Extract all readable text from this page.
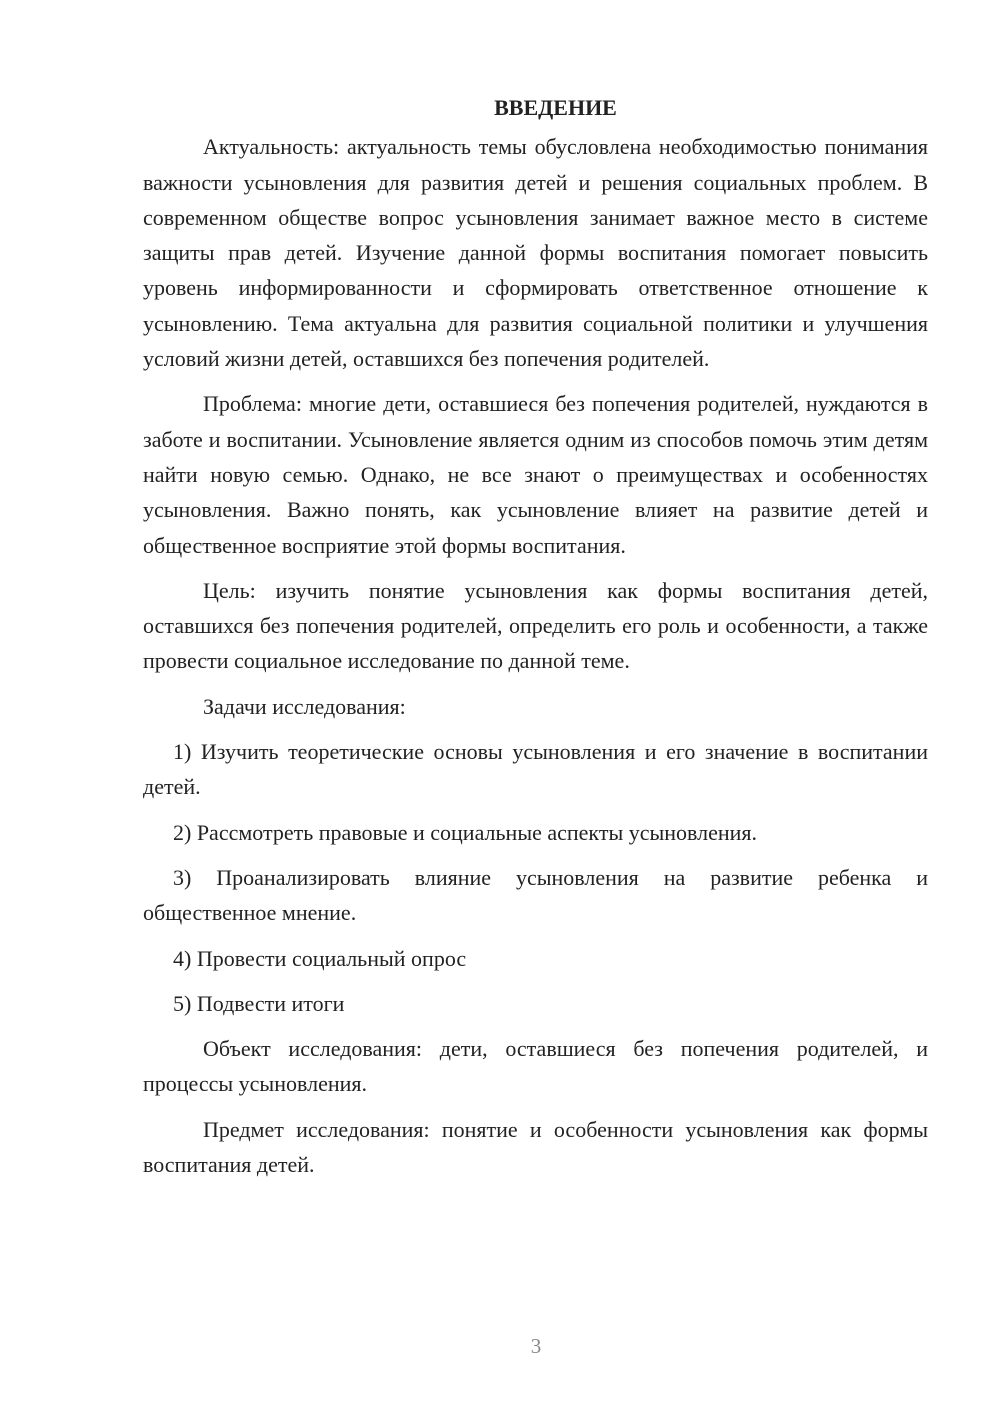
ВВЕДЕНИЕ

Актуальность: актуальность темы обусловлена необходимостью понимания важности усыновления для развития детей и решения социальных проблем. В современном обществе вопрос усыновления занимает важное место в системе защиты прав детей. Изучение данной формы воспитания помогает повысить уровень информированности и сформировать ответственное отношение к усыновлению. Тема актуальна для развития социальной политики и улучшения условий жизни детей, оставшихся без попечения родителей.

Проблема: многие дети, оставшиеся без попечения родителей, нуждаются в заботе и воспитании. Усыновление является одним из способов помочь этим детям найти новую семью. Однако, не все знают о преимуществах и особенностях усыновления. Важно понять, как усыновление влияет на развитие детей и общественное восприятие этой формы воспитания.

Цель: изучить понятие усыновления как формы воспитания детей, оставшихся без попечения родителей, определить его роль и особенности, а также провести социальное исследование по данной теме.

Задачи исследования:

1) Изучить теоретические основы усыновления и его значение в воспитании детей.

2) Рассмотреть правовые и социальные аспекты усыновления.

3) Проанализировать влияние усыновления на развитие ребенка и общественное мнение.

4) Провести социальный опрос

5) Подвести итоги

Объект исследования: дети, оставшиеся без попечения родителей, и процессы усыновления.

Предмет исследования: понятие и особенности усыновления как формы воспитания детей.

3
